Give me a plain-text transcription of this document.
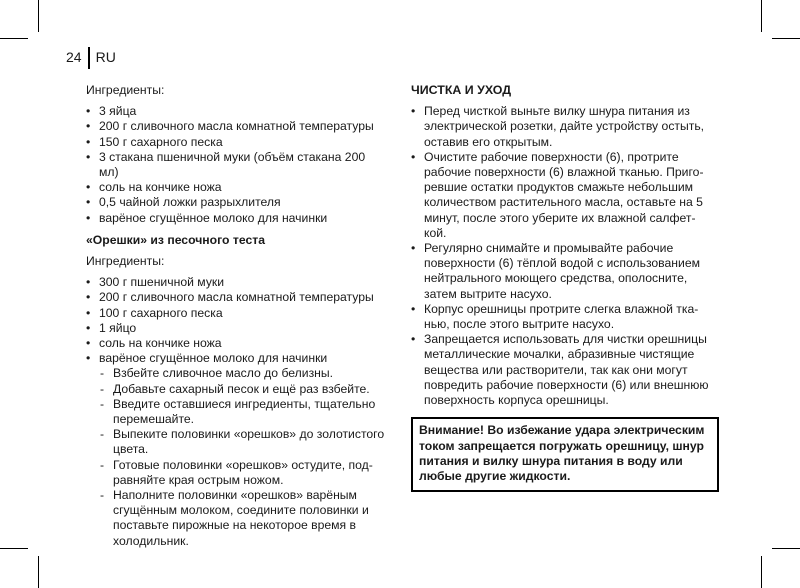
24 RU

Ингредиенты:

• 3 яйца
• 200 г сливочного масла комнатной температуры
• 150 г сахарного песка
• 3 стакана пшеничной муки (объём стакана 200 мл)
• соль на кончике ножа
• 0,5 чайной ложки разрыхлителя
• варёное сгущённое молоко для начинки

«Орешки» из песочного теста

Ингредиенты:

• 300 г пшеничной муки
• 200 г сливочного масла комнатной температуры
• 100 г сахарного песка
• 1 яйцо
• соль на кончике ножа
• варёное сгущённое молоко для начинки
- Взбейте сливочное масло до белизны.
- Добавьте сахарный песок и ещё раз взбейте.
- Введите оставшиеся ингредиенты, тщательно перемешайте.
- Выпеките половинки «орешков» до золотистого цвета.
- Готовые половинки «орешков» остудите, под-равняйте края острым ножом.
- Наполните половинки «орешков» варёным сгущённым молоком, соедините половинки и поставьте пирожные на некоторое время в холодильник.

ЧИСТКА И УХОД

• Перед чисткой выньте вилку шнура питания из электрической розетки, дайте устройству остыть, оставив его открытым.
• Очистите рабочие поверхности (6), протрите рабочие поверхности (6) влажной тканью. Приго-ревшие остатки продуктов смажьте небольшим количеством растительного масла, оставьте на 5 минут, после этого уберите их влажной салфет-кой.
• Регулярно снимайте и промывайте рабочие поверхности (6) тёплой водой с использованием нейтрального моющего средства, ополосните, затем вытрите насухо.
• Корпус орешницы протрите слегка влажной тка-нью, после этого вытрите насухо.
• Запрещается использовать для чистки орешницы металлические мочалки, абразивные чистящие вещества или растворители, так как они могут повредить рабочие поверхности (6) или внешнюю поверхность корпуса орешницы.
Внимание! Во избежание удара электрическим током запрещается погружать орешницу, шнур питания и вилку шнура питания в воду или любые другие жидкости.
